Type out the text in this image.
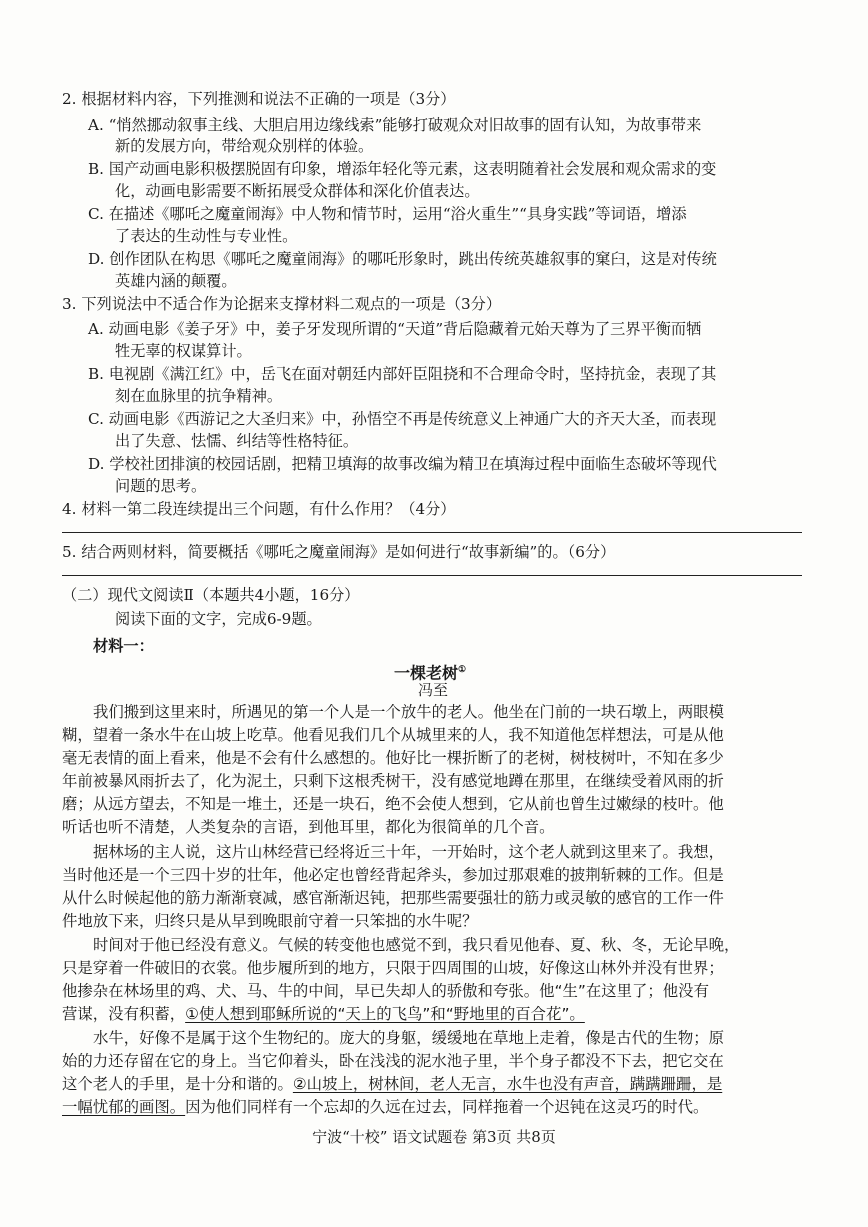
2. 根据材料内容，下列推测和说法不正确的一项是（3分）
A. “悄然挪动叙事主线、大胆启用边缘线索”能够打破观众对旧故事的固有认知，为故事带来
新的发展方向，带给观众别样的体验。
B. 国产动画电影积极摆脱固有印象，增添年轻化等元素，这表明随着社会发展和观众需求的变
化，动画电影需要不断拓展受众群体和深化价值表达。
C. 在描述《哪吒之魔童闹海》中人物和情节时，运用“浴火重生”“具身实践”等词语，增添
了表达的生动性与专业性。
D. 创作团队在构思《哪吒之魔童闹海》的哪吒形象时，跳出传统英雄叙事的窠臼，这是对传统
英雄内涵的颠覆。
3. 下列说法中不适合作为论据来支撑材料二观点的一项是（3分）
A. 动画电影《姜子牙》中，姜子牙发现所谓的“天道”背后隐藏着元始天尊为了三界平衡而牺
牲无辜的权谋算计。
B. 电视剧《满江红》中，岳飞在面对朝廷内部奸臣阻挠和不合理命令时，坚持抗金，表现了其
刻在血脉里的抗争精神。
C. 动画电影《西游记之大圣归来》中，孙悟空不再是传统意义上神通广大的齐天大圣，而表现
出了失意、怯懦、纠结等性格特征。
D. 学校社团排演的校园话剧，把精卫填海的故事改编为精卫在填海过程中面临生态破坏等现代
问题的思考。
4. 材料一第二段连续提出三个问题，有什么作用？（4分）
5. 结合两则材料，简要概括《哪吒之魔童闹海》是如何进行“故事新编”的。（6分）
（二）现代文阅读Ⅱ（本题共4小题，16分）
阅读下面的文字，完成6-9题。
材料一：
一棵老树①
冯至
我们搬到这里来时，所遇见的第一个人是一个放牛的老人。他坐在门前的一块石墩上，两眼模
糊，望着一条水牛在山坡上吃草。他看见我们几个从城里来的人，我不知道他怎样想法，可是从他
毫无表情的面上看来，他是不会有什么感想的。他好比一棵折断了的老树，树枝树叶，不知在多少
年前被暴风雨折去了，化为泥土，只剩下这根秃树干，没有感觉地蹲在那里，在继续受着风雨的折
磨；从远方望去，不知是一堆土，还是一块石，绝不会使人想到，它从前也曾生过嫩绿的枝叶。他
听话也听不清楚，人类复杂的言语，到他耳里，都化为很简单的几个音。
据林场的主人说，这片山林经营已经将近三十年，一开始时，这个老人就到这里来了。我想，
当时他还是一个三四十岁的壮年，他必定也曾经背起斧头，参加过那艰难的披荆斩棘的工作。但是
从什么时候起他的筋力渐渐衰减，感官渐渐迟钝，把那些需要强壮的筋力或灵敏的感官的工作一件
件地放下来，归终只是从早到晚眼前守着一只笨拙的水牛呢？
时间对于他已经没有意义。气候的转变他也感觉不到，我只看见他春、夏、秋、冬，无论早晚，
只是穿着一件破旧的衣裳。他步履所到的地方，只限于四周围的山坡，好像这山林外并没有世界；
他掺杂在林场里的鸡、犬、马、牛的中间，早已失却人的骄傲和夸张。他“生”在这里了；他没有
营谋，没有积蓄，①使人想到耶稣所说的“天上的飞鸟”和“野地里的百合花”。
水牛，好像不是属于这个生物纪的。庞大的身躯，缓缓地在草地上走着，像是古代的生物；原
始的力还存留在它的身上。当它仰着头，卧在浅浅的泥水池子里，半个身子都没不下去，把它交在
这个老人的手里，是十分和谐的。②山坡上，树林间，老人无言，水牛也没有声音，蹒蹒跚跚，是
一幅忧郁的画图。因为他们同样有一个忘却的久远在过去，同样拖着一个迟钝在这灵巧的时代。
宁波“十校” 语文试题卷 第3页 共8页
